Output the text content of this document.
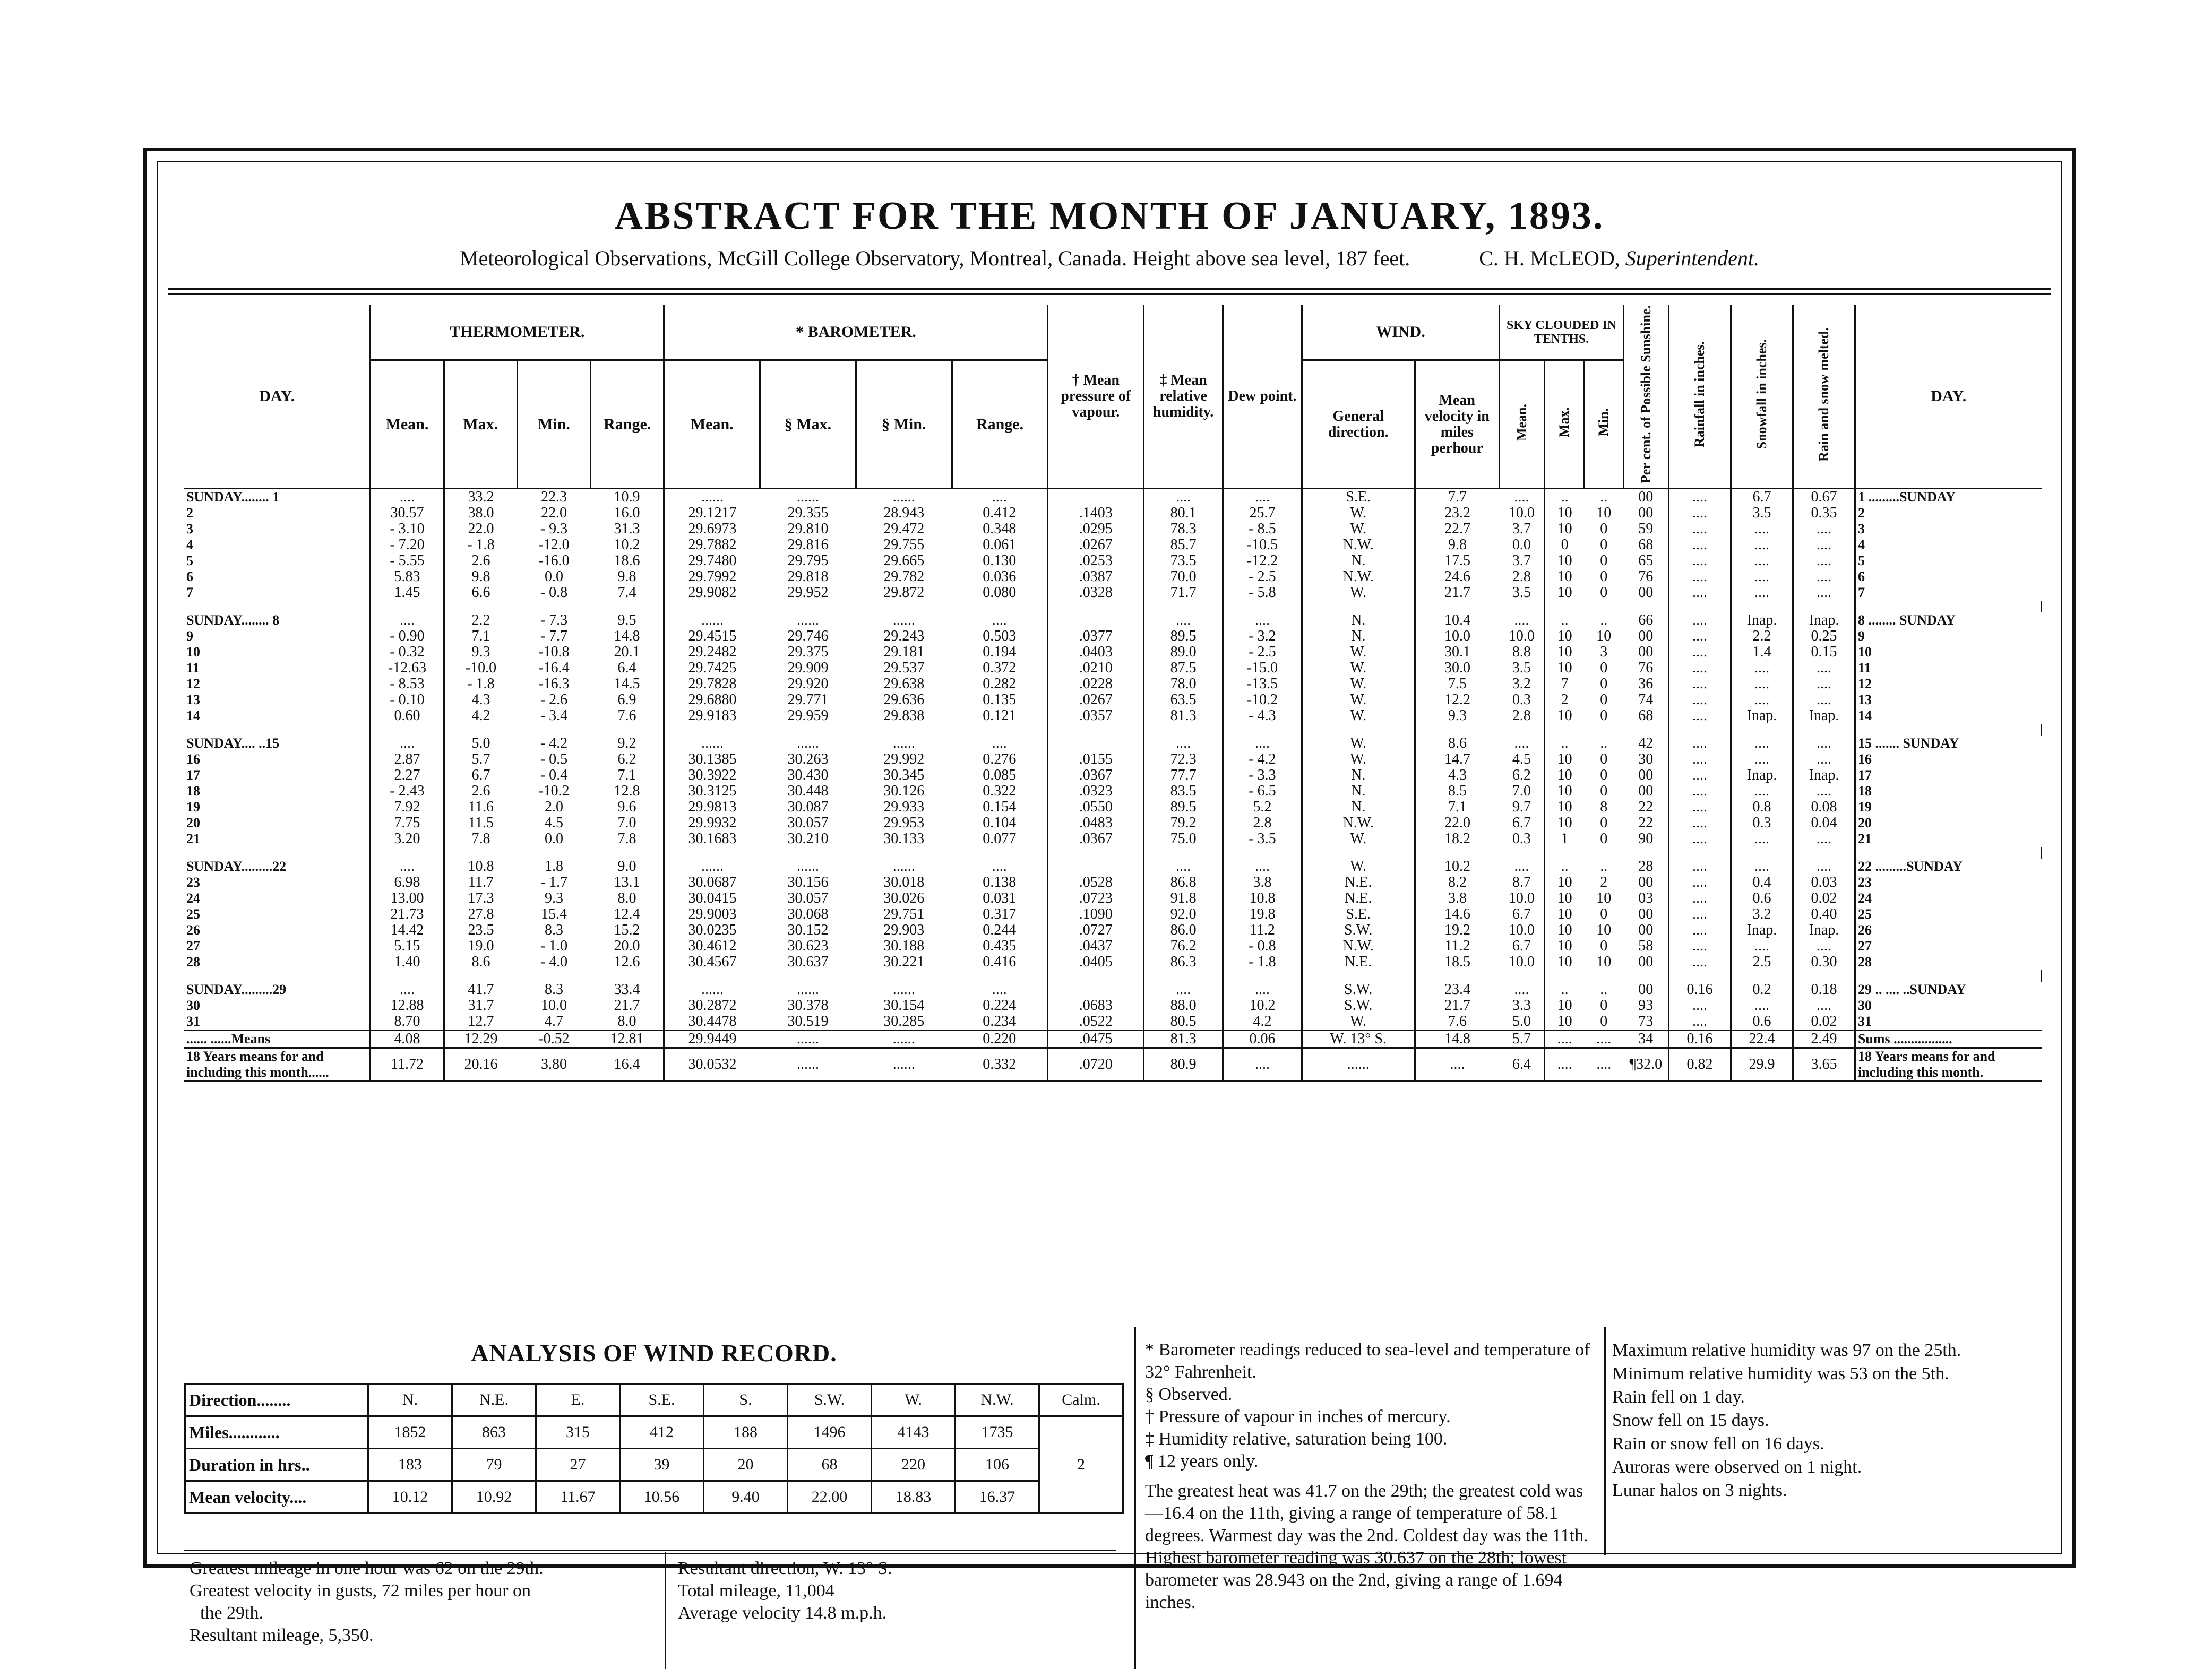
ABSTRACT FOR THE MONTH OF JANUARY, 1893.
Meteorological Observations, McGill College Observatory, Montreal, Canada. Height above sea level, 187 feet.	C. H. McLEOD, Superintendent.
DAY.	THERMOMETER.				* BAROMETER.				† Mean pressure of vapour.	‡ Mean relative humidity.	Dew point.	WIND.		SKY CLOUDED IN TENTHS.			Per cent. of Possible Sunshine.	Rainfall in inches.	Snowfall in inches.	Rain and snow melted.	DAY.
	Mean.	Max.	Min.	Range.	Mean.	§ Max.	§ Min.	Range.				General direction.	Mean velocity in miles perhour	Mean.	Max.	Min.					
SUNDAY........ 1	....	33.2	22.3	10.9	......	......	......	....		....	....	S.E.	7.7	....	..	..	00	....	6.7	0.67	1 .........SUNDAY
2	30.57	38.0	22.0	16.0	29.1217	29.355	28.943	0.412	.1403	80.1	25.7	W.	23.2	10.0	10	10	00	....	3.5	0.35	2
3	- 3.10	22.0	- 9.3	31.3	29.6973	29.810	29.472	0.348	.0295	78.3	- 8.5	W.	22.7	3.7	10	0	59	....	....	....	3
4	- 7.20	- 1.8	-12.0	10.2	29.7882	29.816	29.755	0.061	.0267	85.7	-10.5	N.W.	9.8	0.0	0	0	68	....	....	....	4
5	- 5.55	2.6	-16.0	18.6	29.7480	29.795	29.665	0.130	.0253	73.5	-12.2	N.	17.5	3.7	10	0	65	....	....	....	5
6	5.83	9.8	0.0	9.8	29.7992	29.818	29.782	0.036	.0387	70.0	- 2.5	N.W.	24.6	2.8	10	0	76	....	....	....	6
7	1.45	6.6	- 0.8	7.4	29.9082	29.952	29.872	0.080	.0328	71.7	- 5.8	W.	21.7	3.5	10	0	00	....	....	....	7

SUNDAY........ 8	....	2.2	- 7.3	9.5	......	......	......	....		....	....	N.	10.4	....	..	..	66	....	Inap.	Inap.	8 ........ SUNDAY
9	- 0.90	7.1	- 7.7	14.8	29.4515	29.746	29.243	0.503	.0377	89.5	- 3.2	N.	10.0	10.0	10	10	00	....	2.2	0.25	9
10	- 0.32	9.3	-10.8	20.1	29.2482	29.375	29.181	0.194	.0403	89.0	- 2.5	W.	30.1	8.8	10	3	00	....	1.4	0.15	10
11	-12.63	-10.0	-16.4	6.4	29.7425	29.909	29.537	0.372	.0210	87.5	-15.0	W.	30.0	3.5	10	0	76	....	....	....	11
12	- 8.53	- 1.8	-16.3	14.5	29.7828	29.920	29.638	0.282	.0228	78.0	-13.5	W.	7.5	3.2	7	0	36	....	....	....	12
13	- 0.10	4.3	- 2.6	6.9	29.6880	29.771	29.636	0.135	.0267	63.5	-10.2	W.	12.2	0.3	2	0	74	....	....	....	13
14	0.60	4.2	- 3.4	7.6	29.9183	29.959	29.838	0.121	.0357	81.3	- 4.3	W.	9.3	2.8	10	0	68	....	Inap.	Inap.	14

SUNDAY.... ..15	....	5.0	- 4.2	9.2	......	......	......	....		....	....	W.	8.6	....	..	..	42	....	....	....	15 ....... SUNDAY
16	2.87	5.7	- 0.5	6.2	30.1385	30.263	29.992	0.276	.0155	72.3	- 4.2	W.	14.7	4.5	10	0	30	....	....	....	16
17	2.27	6.7	- 0.4	7.1	30.3922	30.430	30.345	0.085	.0367	77.7	- 3.3	N.	4.3	6.2	10	0	00	....	Inap.	Inap.	17
18	- 2.43	2.6	-10.2	12.8	30.3125	30.448	30.126	0.322	.0323	83.5	- 6.5	N.	8.5	7.0	10	0	00	....	....	....	18
19	7.92	11.6	2.0	9.6	29.9813	30.087	29.933	0.154	.0550	89.5	5.2	N.	7.1	9.7	10	8	22	....	0.8	0.08	19
20	7.75	11.5	4.5	7.0	29.9932	30.057	29.953	0.104	.0483	79.2	2.8	N.W.	22.0	6.7	10	0	22	....	0.3	0.04	20
21	3.20	7.8	0.0	7.8	30.1683	30.210	30.133	0.077	.0367	75.0	- 3.5	W.	18.2	0.3	1	0	90	....	....	....	21

SUNDAY.........22	....	10.8	1.8	9.0	......	......	......	....		....	....	W.	10.2	....	..	..	28	....	....	....	22 .........SUNDAY
23	6.98	11.7	- 1.7	13.1	30.0687	30.156	30.018	0.138	.0528	86.8	3.8	N.E.	8.2	8.7	10	2	00	....	0.4	0.03	23
24	13.00	17.3	9.3	8.0	30.0415	30.057	30.026	0.031	.0723	91.8	10.8	N.E.	3.8	10.0	10	10	03	....	0.6	0.02	24
25	21.73	27.8	15.4	12.4	29.9003	30.068	29.751	0.317	.1090	92.0	19.8	S.E.	14.6	6.7	10	0	00	....	3.2	0.40	25
26	14.42	23.5	8.3	15.2	30.0235	30.152	29.903	0.244	.0727	86.0	11.2	S.W.	19.2	10.0	10	10	00	....	Inap.	Inap.	26
27	5.15	19.0	- 1.0	20.0	30.4612	30.623	30.188	0.435	.0437	76.2	- 0.8	N.W.	11.2	6.7	10	0	58	....	....	....	27
28	1.40	8.6	- 4.0	12.6	30.4567	30.637	30.221	0.416	.0405	86.3	- 1.8	N.E.	18.5	10.0	10	10	00	....	2.5	0.30	28

SUNDAY.........29	....	41.7	8.3	33.4	......	......	......	....		....	....	S.W.	23.4	....	..	..	00	0.16	0.2	0.18	29 .. .... ..SUNDAY
30	12.88	31.7	10.0	21.7	30.2872	30.378	30.154	0.224	.0683	88.0	10.2	S.W.	21.7	3.3	10	0	93	....	....	....	30
31	8.70	12.7	4.7	8.0	30.4478	30.519	30.285	0.234	.0522	80.5	4.2	W.	7.6	5.0	10	0	73	....	0.6	0.02	31
...... ......Means	4.08	12.29	-0.52	12.81	29.9449	......	......	0.220	.0475	81.3	0.06	W. 13° S.	14.8	5.7	....	....	34	0.16	22.4	2.49	Sums .................
18 Years means for and including this month......	11.72	20.16	3.80	16.4	30.0532	......	......	0.332	.0720	80.9	....	......	....	6.4	....	....	¶32.0	0.82	29.9	3.65	18 Years means for and including this month.
ANALYSIS OF WIND RECORD.
Direction........	N.	N.E.	E.	S.E.	S.	S.W.	W.	N.W.	Calm.
Miles............	1852	863	315	412	188	1496	4143	1735	2
Duration in hrs..	183	79	27	39	20	68	220	106	
Mean velocity....	10.12	10.92	11.67	10.56	9.40	22.00	18.83	16.37	
Greatest mileage in one hour was 62 on the 29th.
Greatest velocity in gusts, 72 miles per hour on
the 29th.
Resultant mileage, 5,350.
Resultant direction, W. 13° S.
Total mileage, 11,004
Average velocity 14.8 m.p.h.
* Barometer readings reduced to sea-level and temperature of 32° Fahrenheit.
§ Observed.
† Pressure of vapour in inches of mercury.
‡ Humidity relative, saturation being 100.
¶ 12 years only.
The greatest heat was 41.7 on the 29th; the greatest cold was —16.4 on the 11th, giving a range of temperature of 58.1 degrees. Warmest day was the 2nd. Coldest day was the 11th. Highest barometer reading was 30.637 on the 28th; lowest barometer was 28.943 on the 2nd, giving a range of 1.694 inches.
Maximum relative humidity was 97 on the 25th.
Minimum relative humidity was 53 on the 5th.
Rain fell on 1 day.
Snow fell on 15 days.
Rain or snow fell on 16 days.
Auroras were observed on 1 night.
Lunar halos on 3 nights.
